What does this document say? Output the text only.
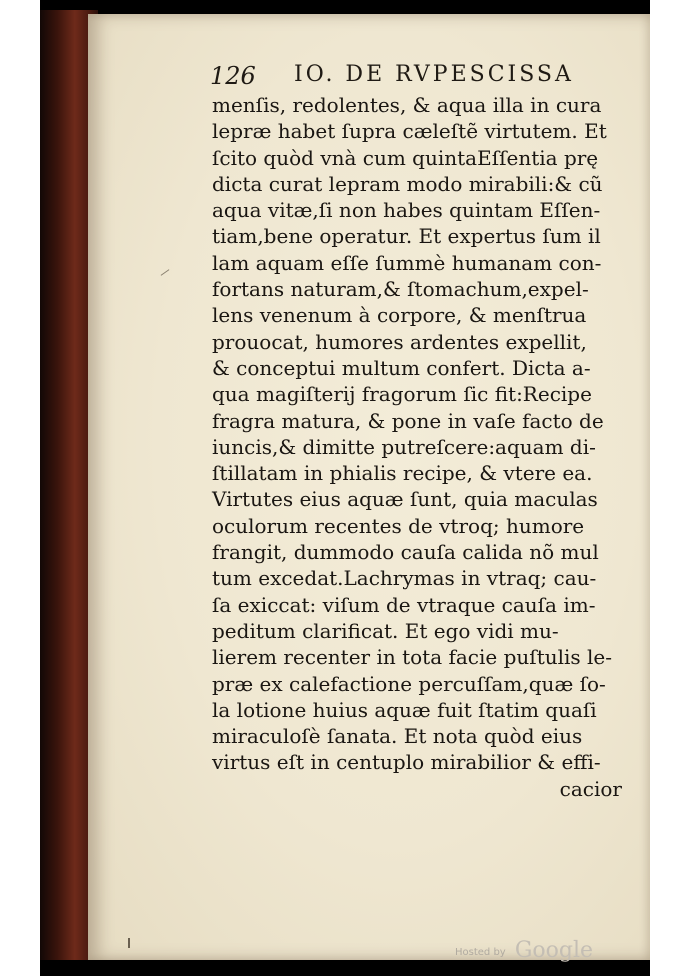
126 IO. DE RVPESCISSA
menſis, redolentes, & aqua illa in cura
lepræ habet ſupra cæleſtẽ virtutem. Et
ſcito quòd vnà cum quintaEſſentia prę
dicta curat lepram modo mirabili:& cũ
aqua vitæ,ſi non habes quintam Eſſen-
tiam,bene operatur. Et expertus ſum il
lam aquam eſſe ſummè humanam con-
fortans naturam,& ſtomachum,expel-
lens venenum à corpore, & menſtrua
prouocat, humores ardentes expellit,
& conceptui multum confert. Dicta a-
qua magiſterij fragorum ſic fit:Recipe
fragra matura, & pone in vaſe facto de
iuncis,& dimitte putreſcere:aquam di-
ſtillatam in phialis recipe, & vtere ea.
Virtutes eius aquæ ſunt, quia maculas
oculorum recentes de vtroq; humore
frangit, dummodo cauſa calida nõ mul
tum excedat.Lachrymas in vtraq; cau-
ſa exiccat: viſum de vtraque cauſa im-
peditum clarificat. Et ego vidi mu-
lierem recenter in tota facie puſtulis le-
præ ex calefactione percuſſam,quæ ſo-
la lotione huius aquæ fuit ſtatim quaſi
miraculoſè ſanata. Et nota quòd eius
virtus eſt in centuplo mirabilior & effi-
cacior
Hosted by Google
